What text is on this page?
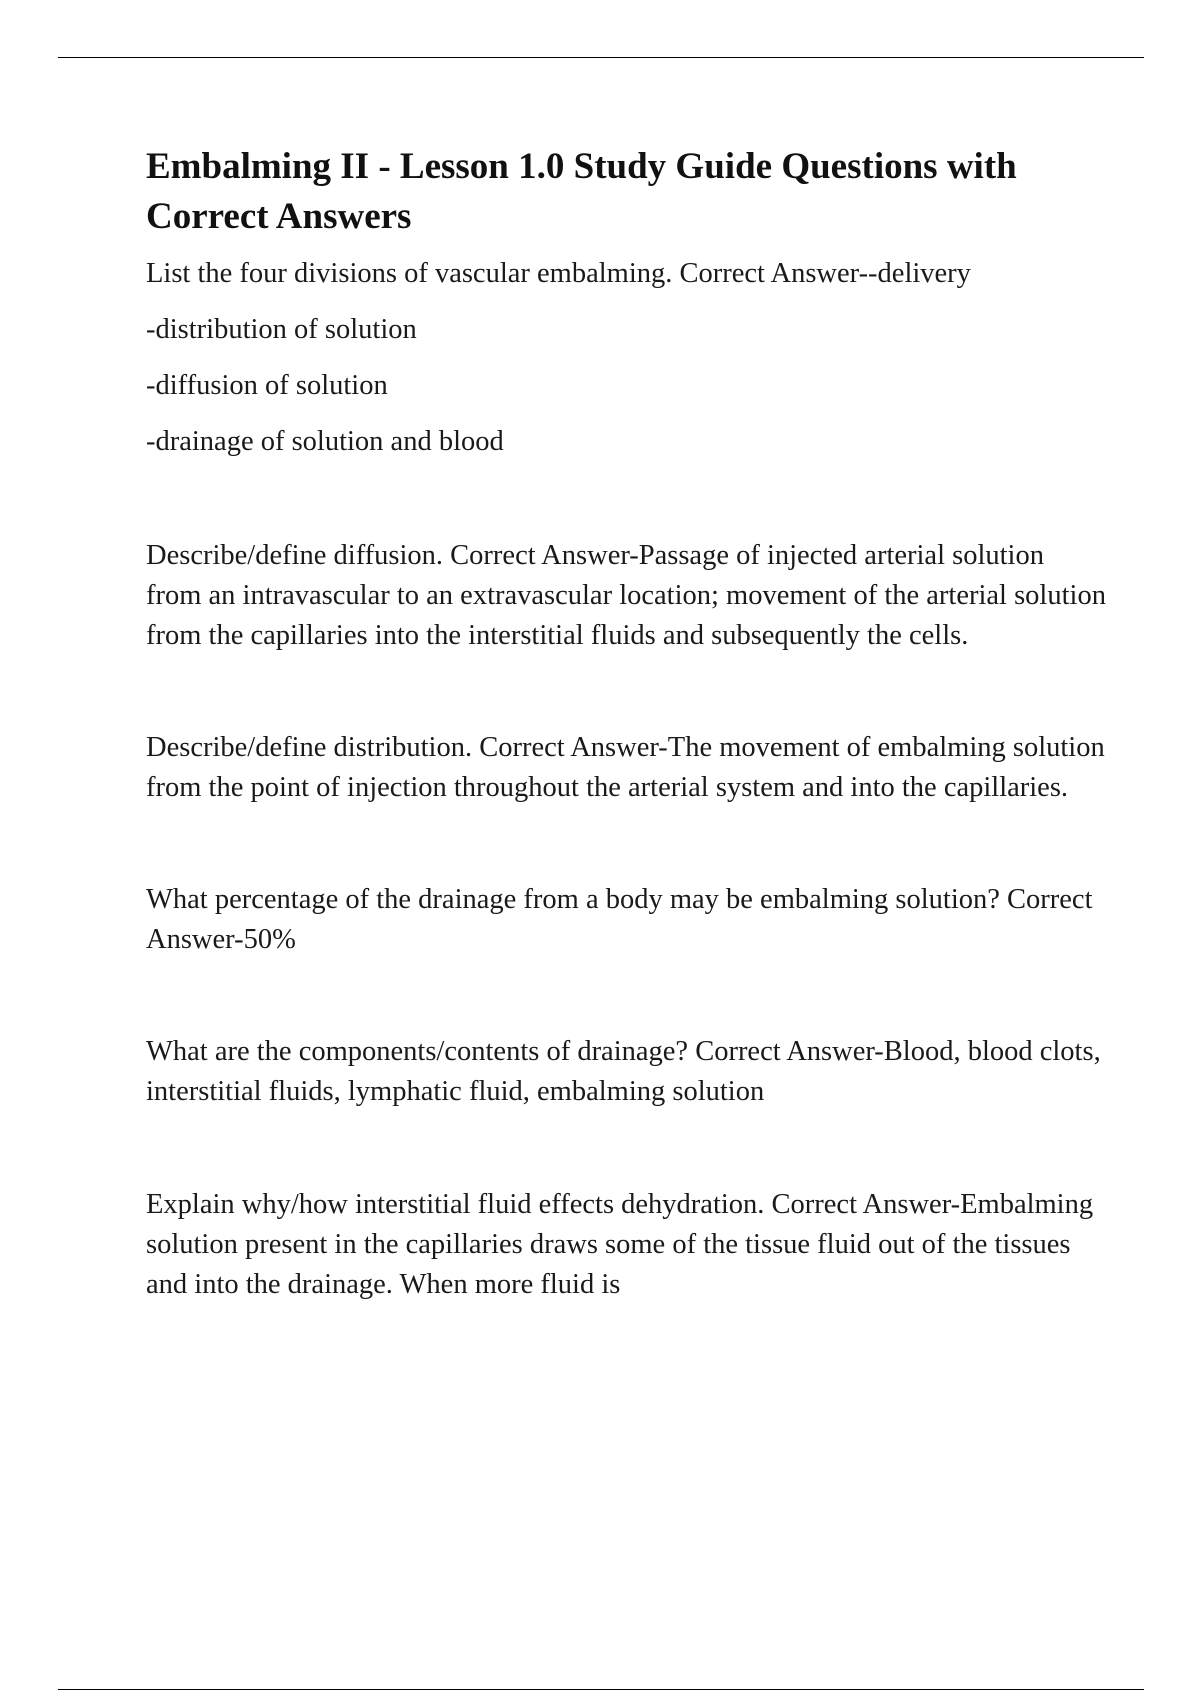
Embalming II - Lesson 1.0 Study Guide Questions with Correct Answers

List the four divisions of vascular embalming. Correct Answer--delivery

-distribution of solution

-diffusion of solution

-drainage of solution and blood

Describe/define diffusion. Correct Answer-Passage of injected arterial solution from an intravascular to an extravascular location; movement of the arterial solution from the capillaries into the interstitial fluids and subsequently the cells.

Describe/define distribution. Correct Answer-The movement of embalming solution from the point of injection throughout the arterial system and into the capillaries.

What percentage of the drainage from a body may be embalming solution? Correct Answer-50%

What are the components/contents of drainage? Correct Answer-Blood, blood clots, interstitial fluids, lymphatic fluid, embalming solution

Explain why/how interstitial fluid effects dehydration. Correct Answer-Embalming solution present in the capillaries draws some of the tissue fluid out of the tissues and into the drainage. When more fluid is
